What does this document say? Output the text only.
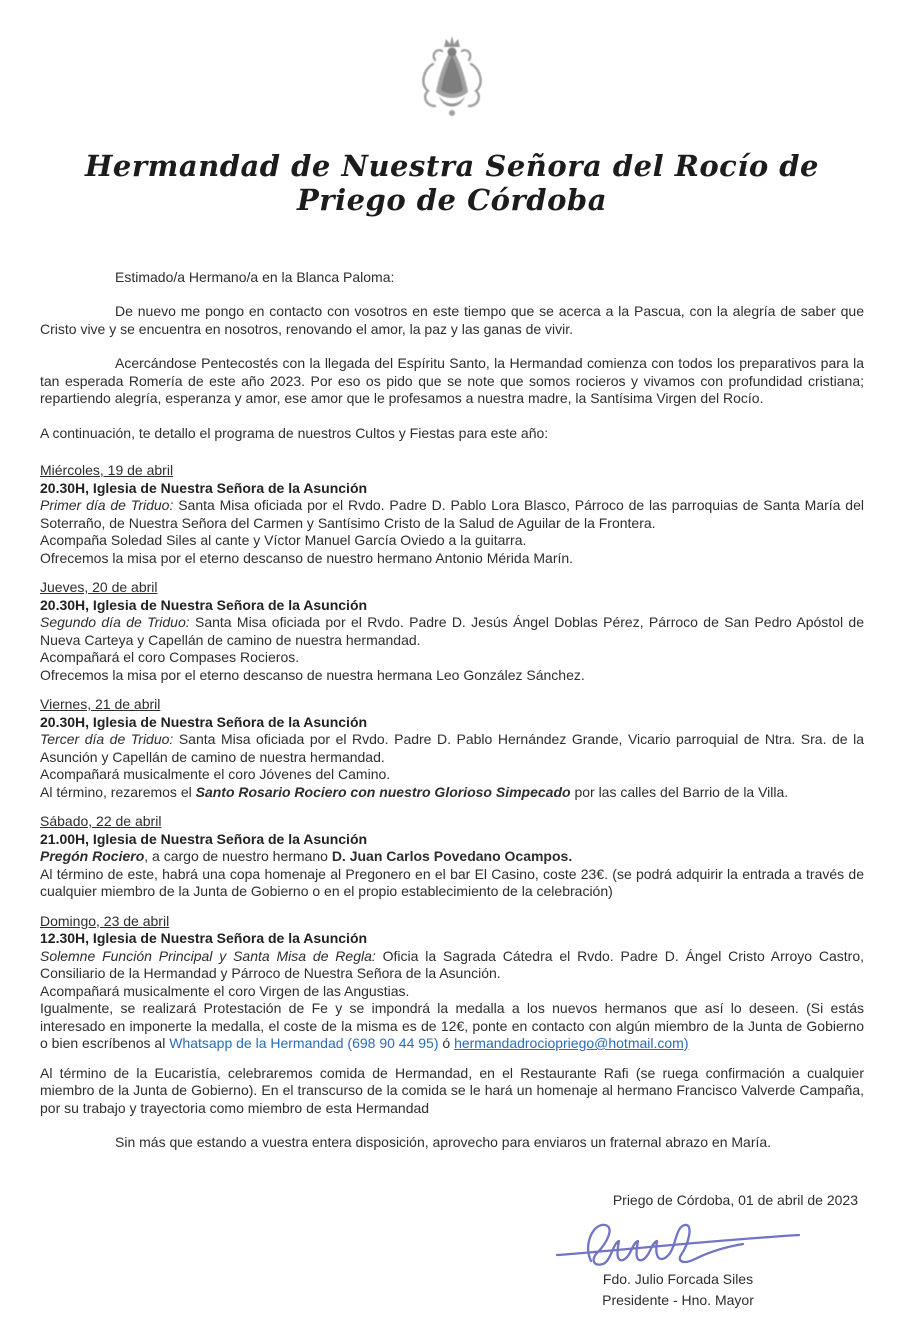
Hermandad de Nuestra Señora del Rocío de Priego de Córdoba

Estimado/a Hermano/a en la Blanca Paloma:

De nuevo me pongo en contacto con vosotros en este tiempo que se acerca a la Pascua, con la alegría de saber que Cristo vive y se encuentra en nosotros, renovando el amor, la paz y las ganas de vivir.

Acercándose Pentecostés con la llegada del Espíritu Santo, la Hermandad comienza con todos los preparativos para la tan esperada Romería de este año 2023. Por eso os pido que se note que somos rocieros y vivamos con profundidad cristiana; repartiendo alegría, esperanza y amor, ese amor que le profesamos a nuestra madre, la Santísima Virgen del Rocío.

A continuación, te detallo el programa de nuestros Cultos y Fiestas para este año:

Miércoles, 19 de abril

20.30H, Iglesia de Nuestra Señora de la Asunción

Primer día de Triduo: Santa Misa oficiada por el Rvdo. Padre D. Pablo Lora Blasco, Párroco de las parroquias de Santa María del Soterraño, de Nuestra Señora del Carmen y Santísimo Cristo de la Salud de Aguilar de la Frontera.

Acompaña Soledad Siles al cante y Víctor Manuel García Oviedo a la guitarra.

Ofrecemos la misa por el eterno descanso de nuestro hermano Antonio Mérida Marín.

Jueves, 20 de abril

20.30H, Iglesia de Nuestra Señora de la Asunción

Segundo día de Triduo: Santa Misa oficiada por el Rvdo. Padre D. Jesús Ángel Doblas Pérez, Párroco de San Pedro Apóstol de Nueva Carteya y Capellán de camino de nuestra hermandad.

Acompañará el coro Compases Rocieros.

Ofrecemos la misa por el eterno descanso de nuestra hermana Leo González Sánchez.

Viernes, 21 de abril

20.30H, Iglesia de Nuestra Señora de la Asunción

Tercer día de Triduo: Santa Misa oficiada por el Rvdo. Padre D. Pablo Hernández Grande, Vicario parroquial de Ntra. Sra. de la Asunción y Capellán de camino de nuestra hermandad.

Acompañará musicalmente el coro Jóvenes del Camino.

Al término, rezaremos el Santo Rosario Rociero con nuestro Glorioso Simpecado por las calles del Barrio de la Villa.

Sábado, 22 de abril

21.00H, Iglesia de Nuestra Señora de la Asunción

Pregón Rociero, a cargo de nuestro hermano D. Juan Carlos Povedano Ocampos.

Al término de este, habrá una copa homenaje al Pregonero en el bar El Casino, coste 23€. (se podrá adquirir la entrada a través de cualquier miembro de la Junta de Gobierno o en el propio establecimiento de la celebración)

Domingo, 23 de abril

12.30H, Iglesia de Nuestra Señora de la Asunción

Solemne Función Principal y Santa Misa de Regla: Oficia la Sagrada Cátedra el Rvdo. Padre D. Ángel Cristo Arroyo Castro, Consiliario de la Hermandad y Párroco de Nuestra Señora de la Asunción.

Acompañará musicalmente el coro Virgen de las Angustias.

Igualmente, se realizará Protestación de Fe y se impondrá la medalla a los nuevos hermanos que así lo deseen. (Si estás interesado en imponerte la medalla, el coste de la misma es de 12€, ponte en contacto con algún miembro de la Junta de Gobierno o bien escríbenos al Whatsapp de la Hermandad (698 90 44 95) ó hermandadrociopriego@hotmail.com)

Al término de la Eucaristía, celebraremos comida de Hermandad, en el Restaurante Rafi (se ruega confirmación a cualquier miembro de la Junta de Gobierno). En el transcurso de la comida se le hará un homenaje al hermano Francisco Valverde Campaña, por su trabajo y trayectoria como miembro de esta Hermandad

Sin más que estando a vuestra entera disposición, aprovecho para enviaros un fraternal abrazo en María.

Priego de Córdoba, 01 de abril de 2023

Fdo. Julio Forcada Siles

Presidente - Hno. Mayor
